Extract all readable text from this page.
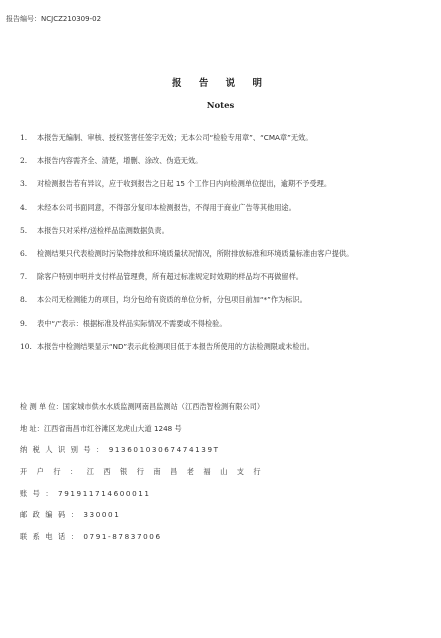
报告编号：NCJCZ210309-02
报 告 说 明
Notes
1. 本报告无编制、审核、授权签害任签字无效；无本公司“检验专用章”、“CMA章”无效。
2. 本报告内容需齐全、清楚，增删、涂改、伪造无效。
3. 对检测报告若有异议，应于收到报告之日起 15 个工作日内向检测单位提出，逾期不予受理。
4. 未经本公司书面同意，不得部分复印本检测报告，不得用于商业广告等其他用途。
5. 本报告只对采样/送检样品监测数据负责。
6. 检测结果只代表检测时污染物排放和环境质量状况情况，所附排放标准和环境质量标准由客户提供。
7. 除客户特别申明并支付样品管理费，所有超过标准规定时效期的样品均不再做留样。
8. 本公司无检测能力的项目，均分包给有资质的单位分析，分包项目前加“*”作为标识。
9. 表中“/”表示：根据标准及样品实际情况不需要或不得检验。
10. 本报告中检测结果显示“ND”表示此检测项目低于本报告所使用的方法检测限或未检出。
检 测 单 位：国家城市供水水质监测网南昌监测站（江西浩智检测有限公司）
地 址：江西省南昌市红谷滩区龙虎山大道 1248 号
纳 税 人 识 别 号 ： 91360103067474139T
开 户 行 ： 江 西 银 行 南 昌 老 福 山 支 行
账 号 ： 791911714600011
邮 政 编 码 ： 330001
联 系 电 话 ： 0791-87837006
